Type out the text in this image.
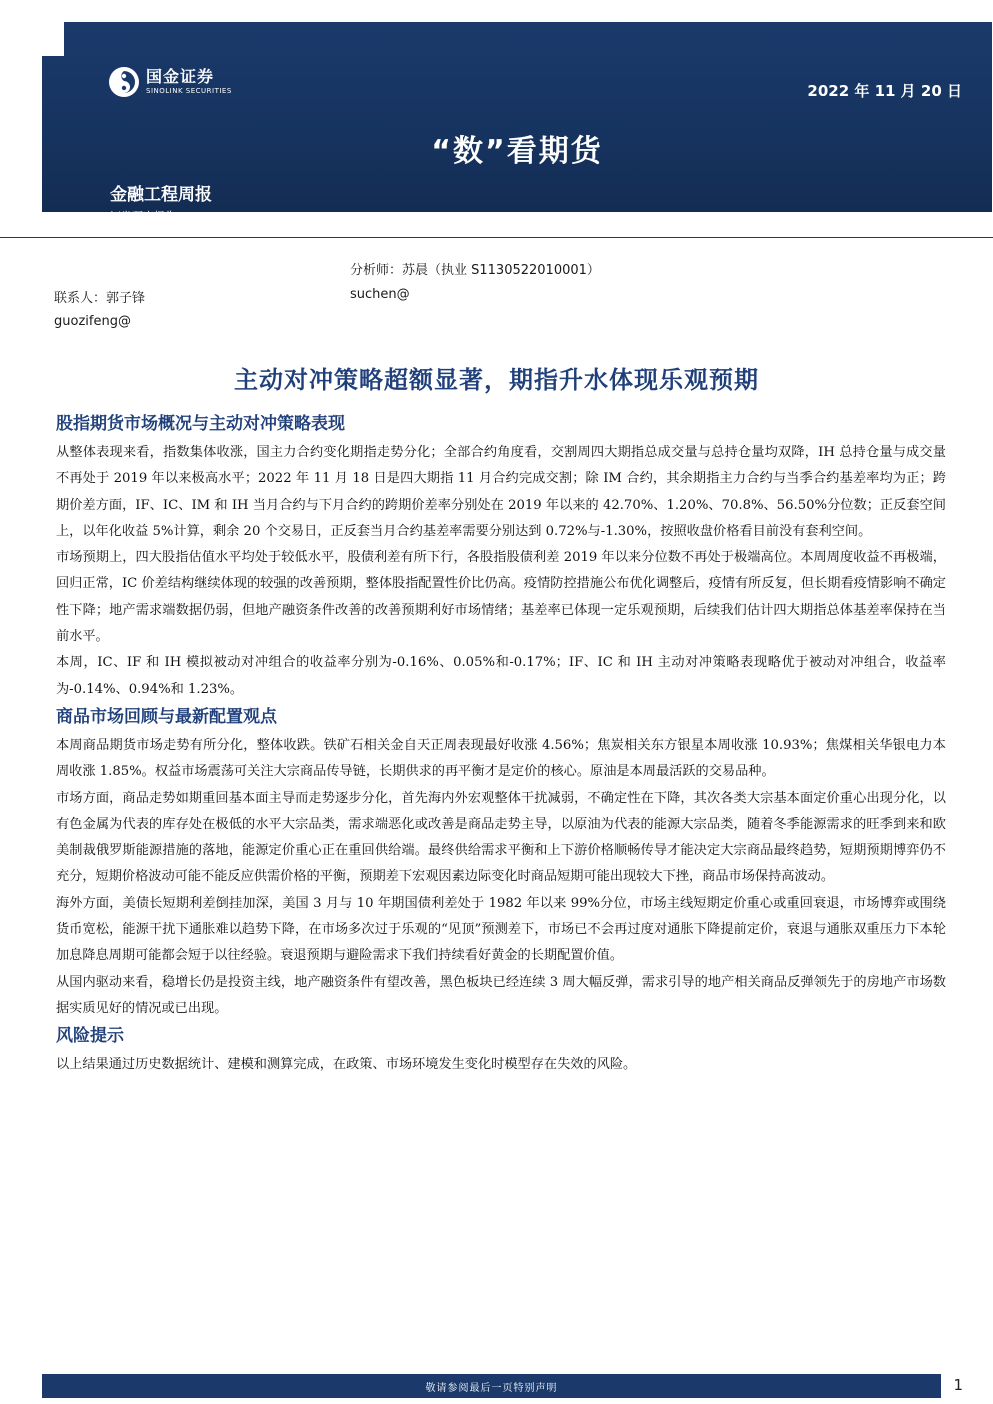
国金证券
SINOLINK SECURITIES	2022 年 11 月 20 日
“数”看期货
金融工程周报
证券研究报告
分析师：苏晨（执业 S1130522010001）
联系人：郭子锋	suchen@
guozifeng@
主动对冲策略超额显著，期指升水体现乐观预期
股指期货市场概况与主动对冲策略表现

从整体表现来看，指数集体收涨，国主力合约变化期指走势分化；全部合约角度看，交割周四大期指总成交量与总持仓量均双降，IH 总持仓量与成交量不再处于 2019 年以来极高水平；2022 年 11 月 18 日是四大期指 11 月合约完成交割；除 IM 合约，其余期指主力合约与当季合约基差率均为正；跨期价差方面，IF、IC、IM 和 IH 当月合约与下月合约的跨期价差率分别处在 2019 年以来的 42.70%、1.20%、70.8%、56.50%分位数；正反套空间上，以年化收益 5%计算，剩余 20 个交易日，正反套当月合约基差率需要分别达到 0.72%与-1.30%，按照收盘价格看目前没有套利空间。

市场预期上，四大股指估值水平均处于较低水平，股债利差有所下行，各股指股债利差 2019 年以来分位数不再处于极端高位。本周周度收益不再极端，回归正常，IC 价差结构继续体现的较强的改善预期，整体股指配置性价比仍高。疫情防控措施公布优化调整后，疫情有所反复，但长期看疫情影响不确定性下降；地产需求端数据仍弱，但地产融资条件改善的改善预期利好市场情绪；基差率已体现一定乐观预期，后续我们估计四大期指总体基差率保持在当前水平。

本周，IC、IF 和 IH 模拟被动对冲组合的收益率分别为-0.16%、0.05%和-0.17%；IF、IC 和 IH 主动对冲策略表现略优于被动对冲组合，收益率为-0.14%、0.94%和 1.23%。

商品市场回顾与最新配置观点

本周商品期货市场走势有所分化，整体收跌。铁矿石相关金自天正周表现最好收涨 4.56%；焦炭相关东方银星本周收涨 10.93%；焦煤相关华银电力本周收涨 1.85%。权益市场震荡可关注大宗商品传导链，长期供求的再平衡才是定价的核心。原油是本周最活跃的交易品种。

市场方面，商品走势如期重回基本面主导而走势逐步分化，首先海内外宏观整体干扰减弱，不确定性在下降，其次各类大宗基本面定价重心出现分化，以有色金属为代表的库存处在极低的水平大宗品类，需求端恶化或改善是商品走势主导，以原油为代表的能源大宗品类，随着冬季能源需求的旺季到来和欧美制裁俄罗斯能源措施的落地，能源定价重心正在重回供给端。最终供给需求平衡和上下游价格顺畅传导才能决定大宗商品最终趋势，短期预期博弈仍不充分，短期价格波动可能不能反应供需价格的平衡，预期差下宏观因素边际变化时商品短期可能出现较大下挫，商品市场保持高波动。

海外方面，美债长短期利差倒挂加深，美国 3 月与 10 年期国债利差处于 1982 年以来 99%分位，市场主线短期定价重心或重回衰退，市场博弈或围绕货币宽松，能源干扰下通胀难以趋势下降，在市场多次过于乐观的“见顶”预测差下，市场已不会再过度对通胀下降提前定价，衰退与通胀双重压力下本轮加息降息周期可能都会短于以往经验。衰退预期与避险需求下我们持续看好黄金的长期配置价值。

从国内驱动来看，稳增长仍是投资主线，地产融资条件有望改善，黑色板块已经连续 3 周大幅反弹，需求引导的地产相关商品反弹领先于的房地产市场数据实质见好的情况或已出现。

风险提示

以上结果通过历史数据统计、建模和测算完成，在政策、市场环境发生变化时模型存在失效的风险。

敬请参阅最后一页特别声明	1
